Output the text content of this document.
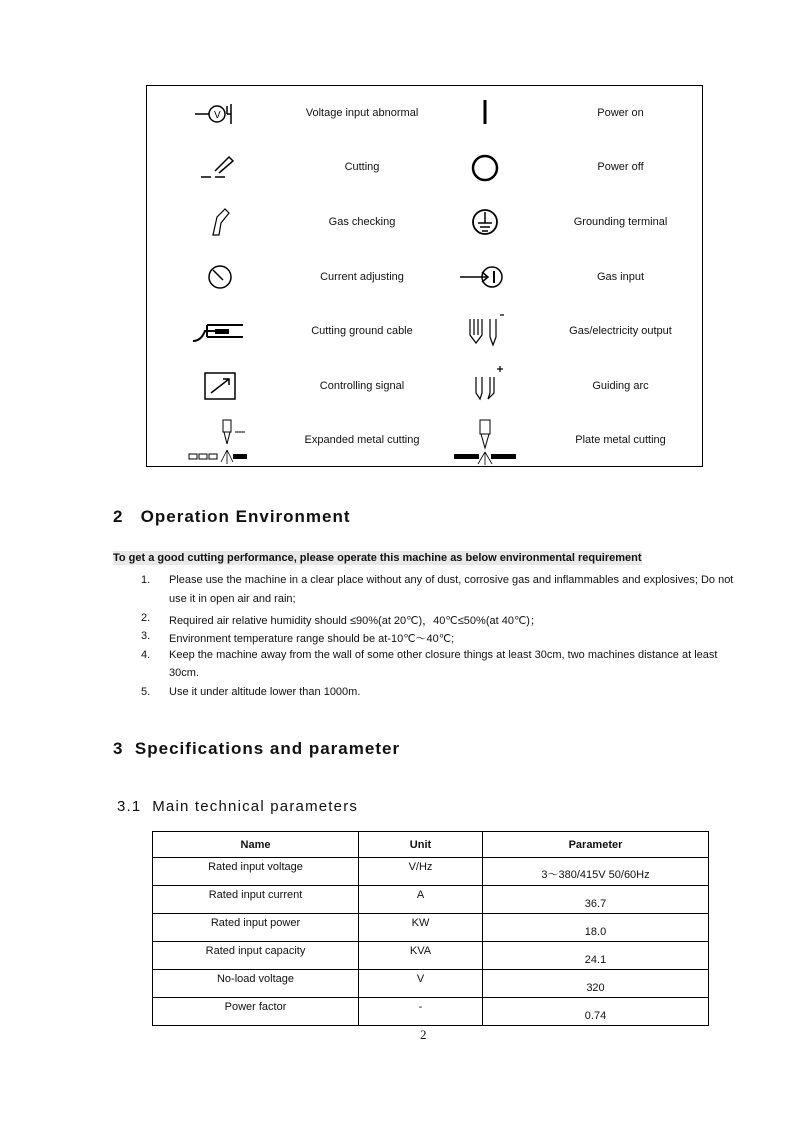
V	Voltage input abnormal	Power on
Cutting	Power off
Gas checking	Grounding terminal
Current adjusting	Gas input
Cutting ground cable	Gas/electricity output
Controlling signal	Guiding arc
Expanded metal cutting	Plate metal cutting
2 Operation Environment
To get a good cutting performance, please operate this machine as below environmental requirement
1. Please use the machine in a clear place without any of dust, corrosive gas and inflammables and explosives; Do not
use it in open air and rain;
2. Required air relative humidity should ≤90%(at 20℃)，40℃≤50%(at 40℃)；
3. Environment temperature range should be at-10℃～40℃;
4. Keep the machine away from the wall of some other closure things at least 30cm, two machines distance at least
30cm.
5. Use it under altitude lower than 1000m.
3 Specifications and parameter
3.1 Main technical parameters
Name	Unit	Parameter
Rated input voltage	V/Hz	3～380/415V 50/60Hz
Rated input current	A	36.7
Rated input power	KW	18.0
Rated input capacity	KVA	24.1
No-load voltage	V	320
Power factor	-	0.74
2
